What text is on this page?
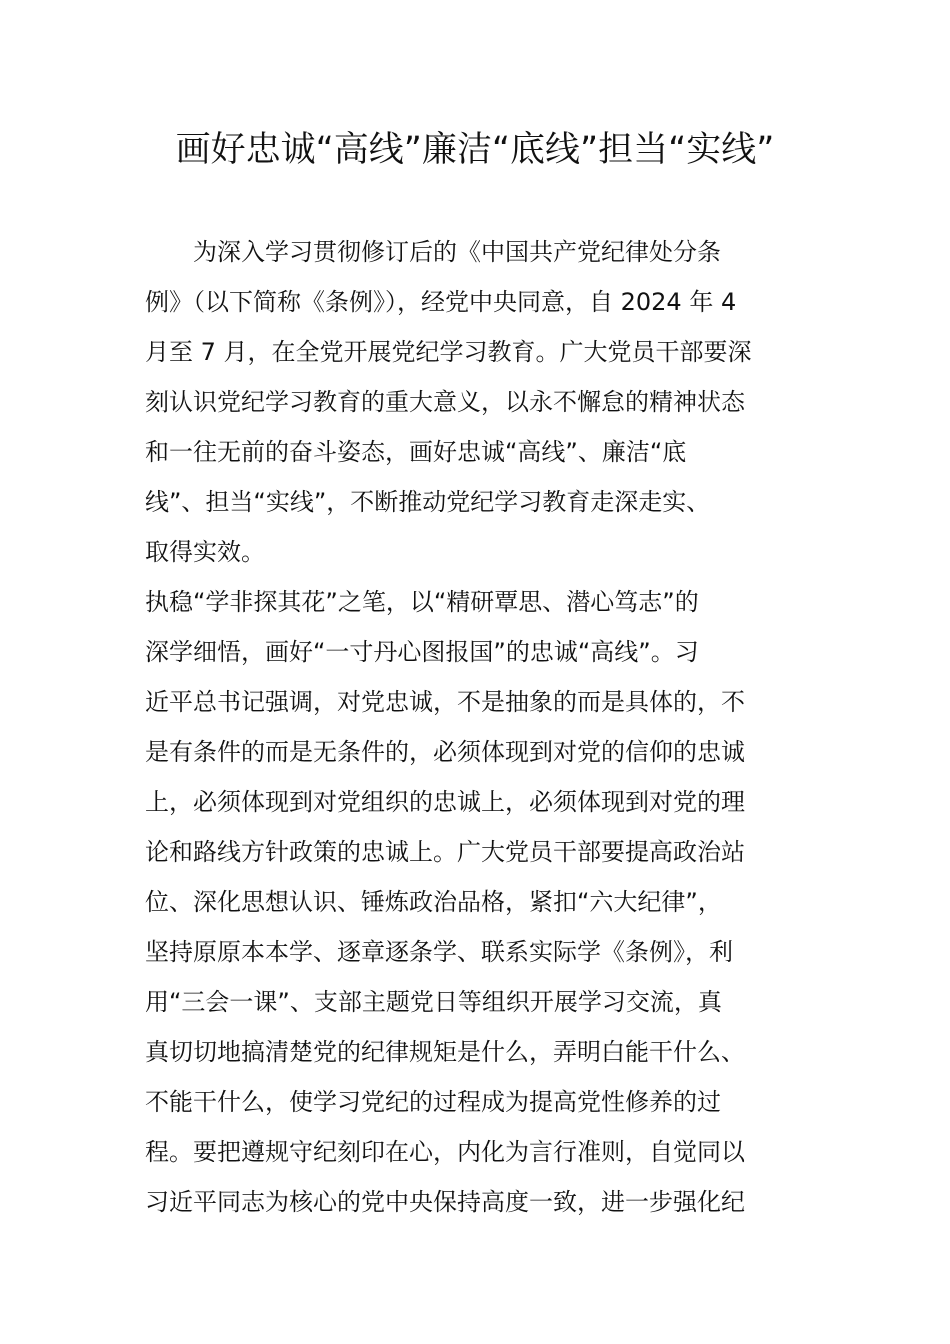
画好忠诚“高线”廉洁“底线”担当“实线”

　　为深入学习贯彻修订后的《中国共产党纪律处分条

例》（以下简称《条例》），经党中央同意，自 2024 年 4

月至 7 月，在全党开展党纪学习教育。广大党员干部要深

刻认识党纪学习教育的重大意义，以永不懈怠的精神状态

和一往无前的奋斗姿态，画好忠诚“高线”、廉洁“底

线”、担当“实线”，不断推动党纪学习教育走深走实、

取得实效。

执稳“学非探其花”之笔，以“精研覃思、潜心笃志”的

深学细悟，画好“一寸丹心图报国”的忠诚“高线”。习

近平总书记强调，对党忠诚，不是抽象的而是具体的，不

是有条件的而是无条件的，必须体现到对党的信仰的忠诚

上，必须体现到对党组织的忠诚上，必须体现到对党的理

论和路线方针政策的忠诚上。广大党员干部要提高政治站

位、深化思想认识、锤炼政治品格，紧扣“六大纪律”，

坚持原原本本学、逐章逐条学、联系实际学《条例》，利

用“三会一课”、支部主题党日等组织开展学习交流，真

真切切地搞清楚党的纪律规矩是什么，弄明白能干什么、

不能干什么，使学习党纪的过程成为提高党性修养的过

程。要把遵规守纪刻印在心，内化为言行准则，自觉同以

习近平同志为核心的党中央保持高度一致，进一步强化纪
